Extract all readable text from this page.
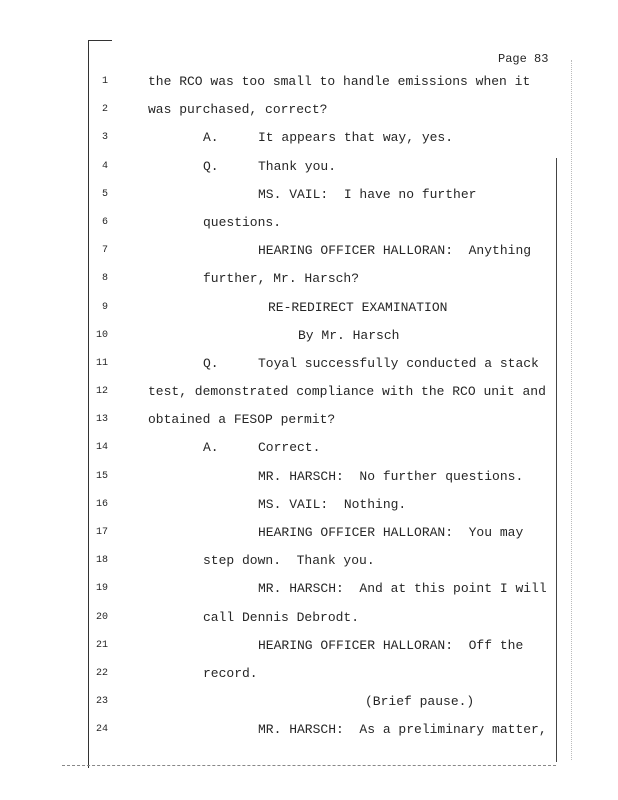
Page 83
1	the RCO was too small to handle emissions when it
2	was purchased, correct?
3	A.	It appears that way, yes.
4	Q.	Thank you.
5	MS. VAIL:  I have no further
6	questions.
7	HEARING OFFICER HALLORAN:  Anything
8	further, Mr. Harsch?
9	RE-REDIRECT EXAMINATION
10	By Mr. Harsch
11	Q.	Toyal successfully conducted a stack
12	test, demonstrated compliance with the RCO unit and
13	obtained a FESOP permit?
14	A.	Correct.
15	MR. HARSCH:  No further questions.
16	MS. VAIL:  Nothing.
17	HEARING OFFICER HALLORAN:  You may
18	step down.  Thank you.
19	MR. HARSCH:  And at this point I will
20	call Dennis Debrodt.
21	HEARING OFFICER HALLORAN:  Off the
22	record.
23	(Brief pause.)
24	MR. HARSCH:  As a preliminary matter,
